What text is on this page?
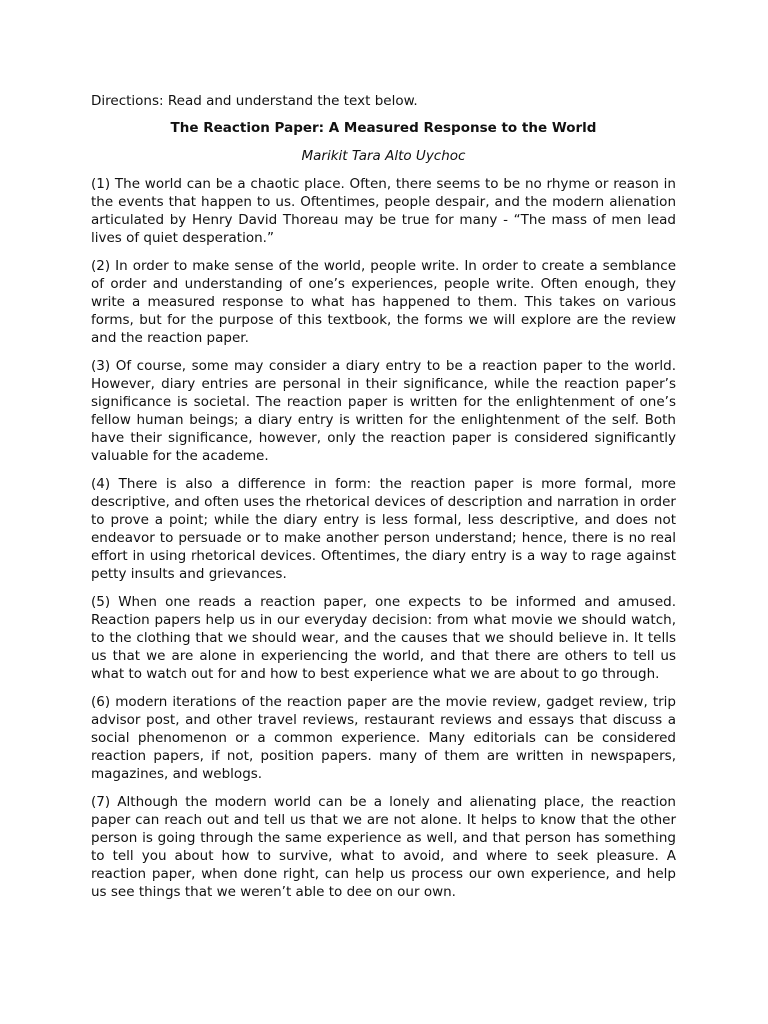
Directions: Read and understand the text below.

The Reaction Paper: A Measured Response to the World

Marikit Tara Alto Uychoc

(1) The world can be a chaotic place. Often, there seems to be no rhyme or reason in the events that happen to us. Oftentimes, people despair, and the modern alienation articulated by Henry David Thoreau may be true for many - “The mass of men lead lives of quiet desperation.”

(2) In order to make sense of the world, people write. In order to create a semblance of order and understanding of one’s experiences, people write. Often enough, they write a measured response to what has happened to them. This takes on various forms, but for the purpose of this textbook, the forms we will explore are the review and the reaction paper.

(3) Of course, some may consider a diary entry to be a reaction paper to the world. However, diary entries are personal in their significance, while the reaction paper’s significance is societal. The reaction paper is written for the enlightenment of one’s fellow human beings; a diary entry is written for the enlightenment of the self. Both have their significance, however, only the reaction paper is considered significantly valuable for the academe.

(4) There is also a difference in form: the reaction paper is more formal, more descriptive, and often uses the rhetorical devices of description and narration in order to prove a point; while the diary entry is less formal, less descriptive, and does not endeavor to persuade or to make another person understand; hence, there is no real effort in using rhetorical devices. Oftentimes, the diary entry is a way to rage against petty insults and grievances.

(5) When one reads a reaction paper, one expects to be informed and amused. Reaction papers help us in our everyday decision: from what movie we should watch, to the clothing that we should wear, and the causes that we should believe in. It tells us that we are alone in experiencing the world, and that there are others to tell us what to watch out for and how to best experience what we are about to go through.

(6) modern iterations of the reaction paper are the movie review, gadget review, trip advisor post, and other travel reviews, restaurant reviews and essays that discuss a social phenomenon or a common experience. Many editorials can be considered reaction papers, if not, position papers. many of them are written in newspapers, magazines, and weblogs.

(7) Although the modern world can be a lonely and alienating place, the reaction paper can reach out and tell us that we are not alone. It helps to know that the other person is going through the same experience as well, and that person has something to tell you about how to survive, what to avoid, and where to seek pleasure. A reaction paper, when done right, can help us process our own experience, and help us see things that we weren’t able to dee on our own.
